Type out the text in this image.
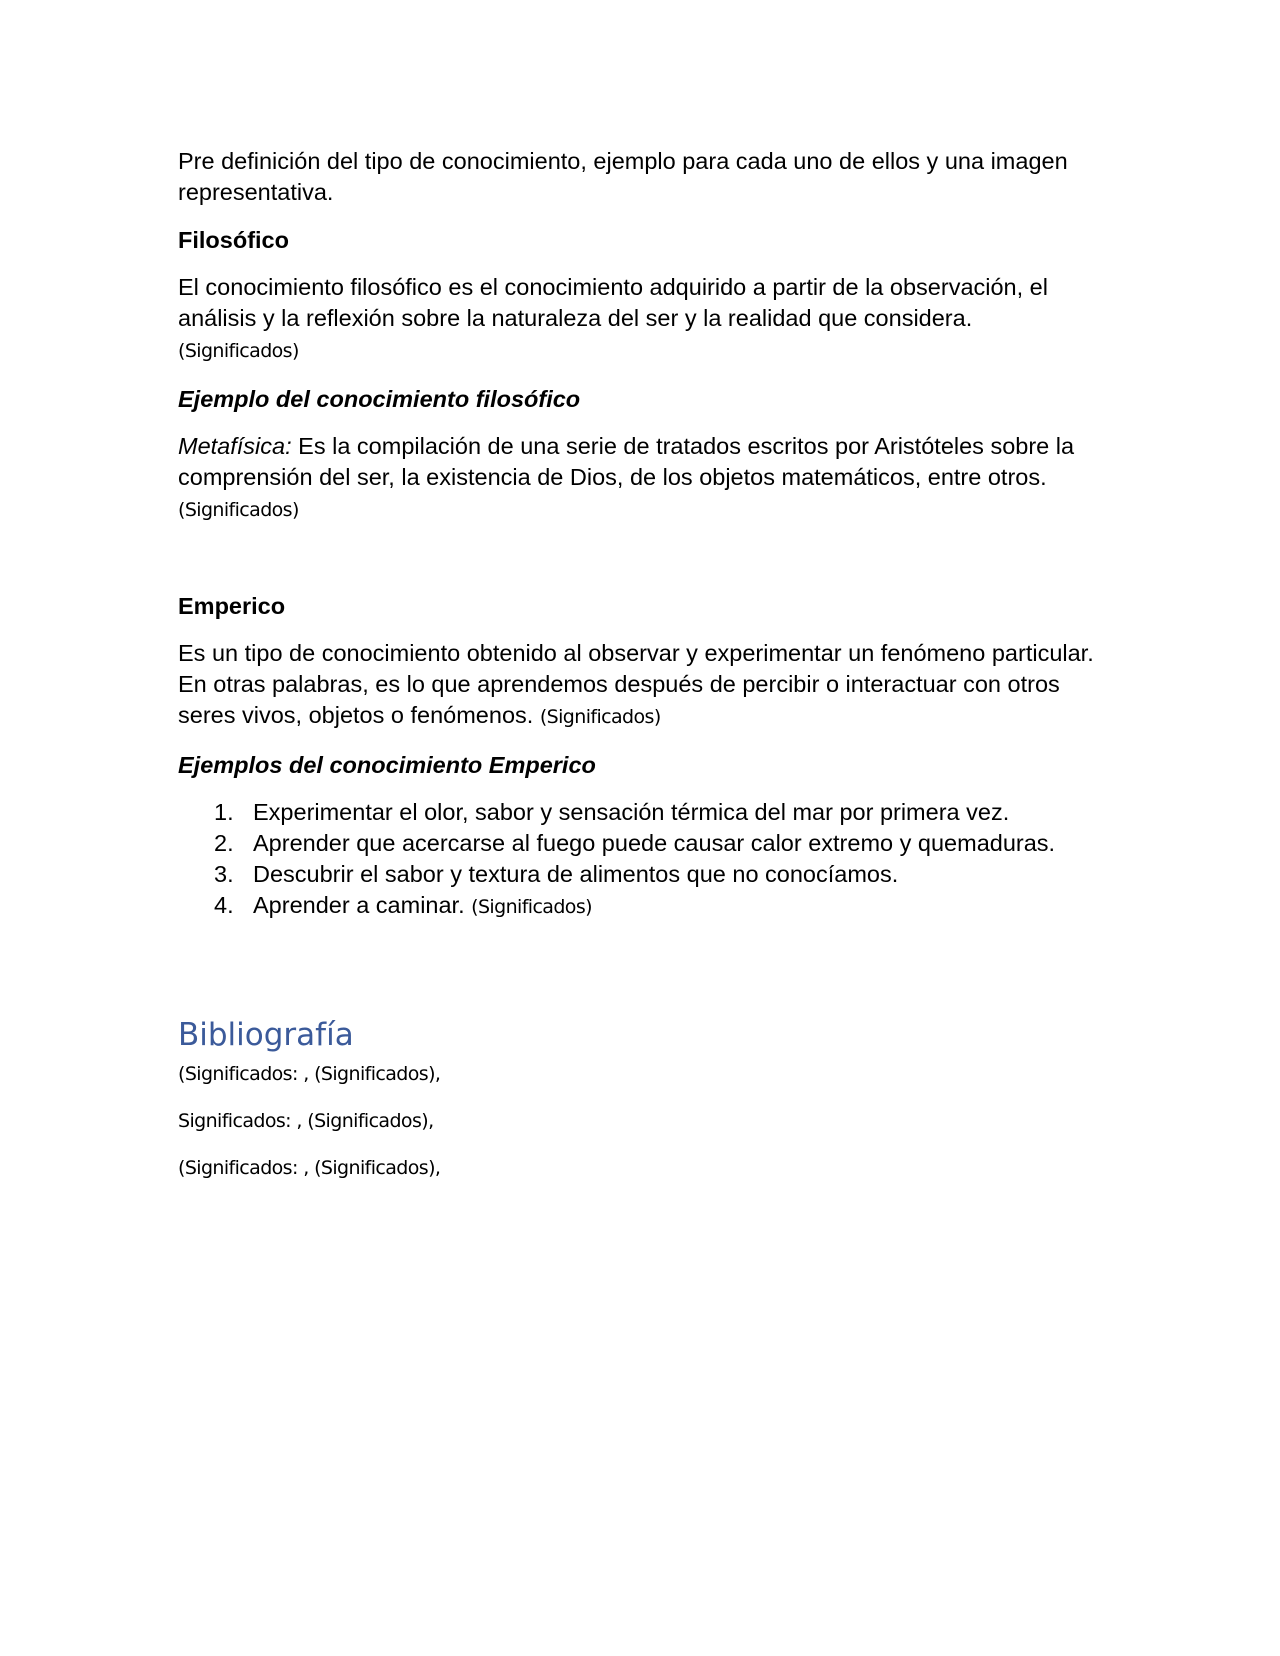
Pre definición del tipo de conocimiento, ejemplo para cada uno de ellos y una imagen representativa.

Filosófico

El conocimiento filosófico es el conocimiento adquirido a partir de la observación, el análisis y la reflexión sobre la naturaleza del ser y la realidad que considera.
(Significados)

Ejemplo del conocimiento filosófico

Metafísica: Es la compilación de una serie de tratados escritos por Aristóteles sobre la comprensión del ser, la existencia de Dios, de los objetos matemáticos, entre otros. (Significados)

Emperico

Es un tipo de conocimiento obtenido al observar y experimentar un fenómeno particular. En otras palabras, es lo que aprendemos después de percibir o interactuar con otros seres vivos, objetos o fenómenos. (Significados)

Ejemplos del conocimiento Emperico

1. Experimentar el olor, sabor y sensación térmica del mar por primera vez.
2. Aprender que acercarse al fuego puede causar calor extremo y quemaduras.
3. Descubrir el sabor y textura de alimentos que no conocíamos.
4. Aprender a caminar. (Significados)
Bibliografía

(Significados: , (Significados),

Significados: , (Significados),

(Significados: , (Significados),
